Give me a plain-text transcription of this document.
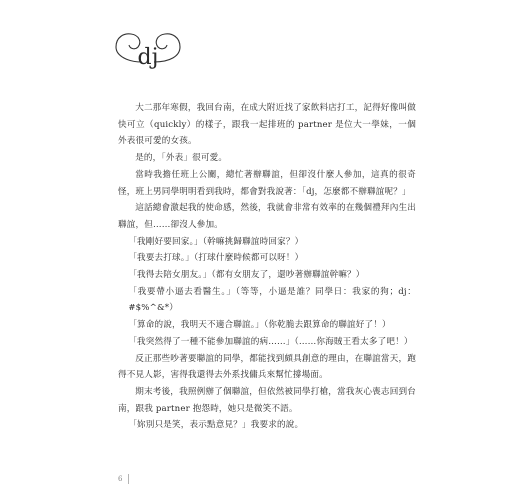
dj

大二那年寒假，我回台南，在成大附近找了家飲料店打工，記得好像叫做快可立（quickly）的樣子，跟我一起排班的 partner 是位大一學妹，一個外表很可愛的女孩。

是的，「外表」很可愛。

當時我擔任班上公關，總忙著辦聯誼，但卻沒什麼人參加，這真的很奇怪，班上男同學明明看到我時，都會對我說著：「dj，怎麼都不辦聯誼呢？」

這話總會激起我的使命感，然後，我就會非常有效率的在幾個禮拜內生出聯誼，但……卻沒人參加。

「我剛好要回家。」（幹嘛挑歸聯誼時回家？）

「我要去打球。」（打球什麼時候都可以呀！）

「我得去陪女朋友。」（都有女朋友了，還吵著辦聯誼幹嘛？）

「我要帶小逼去看醫生。」（等等，小逼是誰？同學日：我家的狗；dj：#$%^&*）

「算命的說，我明天不適合聯誼。」（你乾脆去跟算命的聯誼好了！）

「我突然得了一種不能參加聯誼的病……」（……你海賊王看太多了吧！）

反正那些吵著要聯誼的同學，都能找到頗具創意的理由，在聯誼當天，跑得不見人影，害得我還得去外系找傭兵來幫忙撐場面。

期末考後，我照例辦了個聯誼，但依然被同學打槍，當我灰心喪志回到台南，跟我 partner 抱怨時，她只是微笑不語。

「妳別只是笑，表示點意見？」我要求的說。

6
